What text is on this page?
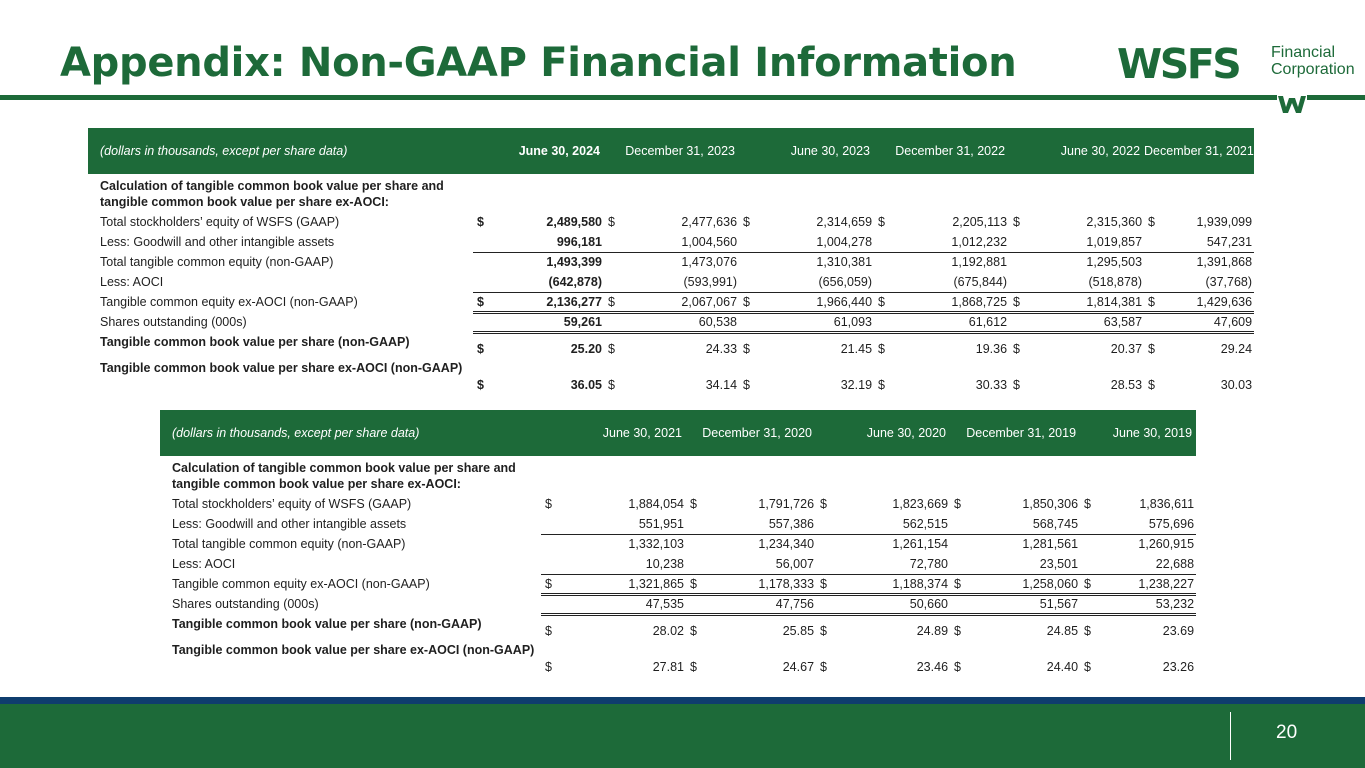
Appendix: Non-GAAP Financial Information WSFS Financial
Corporation
(dollars in thousands, except per share data)	June 30, 2024		December 31, 2023		June 30, 2023		December 31, 2022		June 30, 2022		December 31, 2021	
Calculation of tangible common book value per share and tangible common book value per share ex-AOCI:												
Total stockholders’ equity of WSFS (GAAP)	$	2,489,580	$	2,477,636	$	2,314,659	$	2,205,113	$	2,315,360	$	1,939,099
Less: Goodwill and other intangible assets		996,181		1,004,560		1,004,278		1,012,232		1,019,857		547,231
Total tangible common equity (non-GAAP)		1,493,399		1,473,076		1,310,381		1,192,881		1,295,503		1,391,868
Less: AOCI		(642,878)		(593,991)		(656,059)		(675,844)		(518,878)		(37,768)
Tangible common equity ex-AOCI (non-GAAP)	$	2,136,277	$	2,067,067	$	1,966,440	$	1,868,725	$	1,814,381	$	1,429,636
Shares outstanding (000s)		59,261		60,538		61,093		61,612		63,587		47,609
Tangible common book value per share (non-GAAP)	$	25.20	$	24.33	$	21.45	$	19.36	$	20.37	$	29.24
Tangible common book value per share ex-AOCI (non-GAAP)	$	36.05	$	34.14	$	32.19	$	30.33	$	28.53	$	30.03
(dollars in thousands, except per share data)	June 30, 2021		December 31, 2020		June 30, 2020		December 31, 2019		June 30, 2019	
Calculation of tangible common book value per share and tangible common book value per share ex-AOCI:										
Total stockholders’ equity of WSFS (GAAP)	$	1,884,054	$	1,791,726	$	1,823,669	$	1,850,306	$	1,836,611
Less: Goodwill and other intangible assets		551,951		557,386		562,515		568,745		575,696
Total tangible common equity (non-GAAP)		1,332,103		1,234,340		1,261,154		1,281,561		1,260,915
Less: AOCI		10,238		56,007		72,780		23,501		22,688
Tangible common equity ex-AOCI (non-GAAP)	$	1,321,865	$	1,178,333	$	1,188,374	$	1,258,060	$	1,238,227
Shares outstanding (000s)		47,535		47,756		50,660		51,567		53,232
Tangible common book value per share (non-GAAP)	$	28.02	$	25.85	$	24.89	$	24.85	$	23.69
Tangible common book value per share ex-AOCI (non-GAAP)	$	27.81	$	24.67	$	23.46	$	24.40	$	23.26
20
